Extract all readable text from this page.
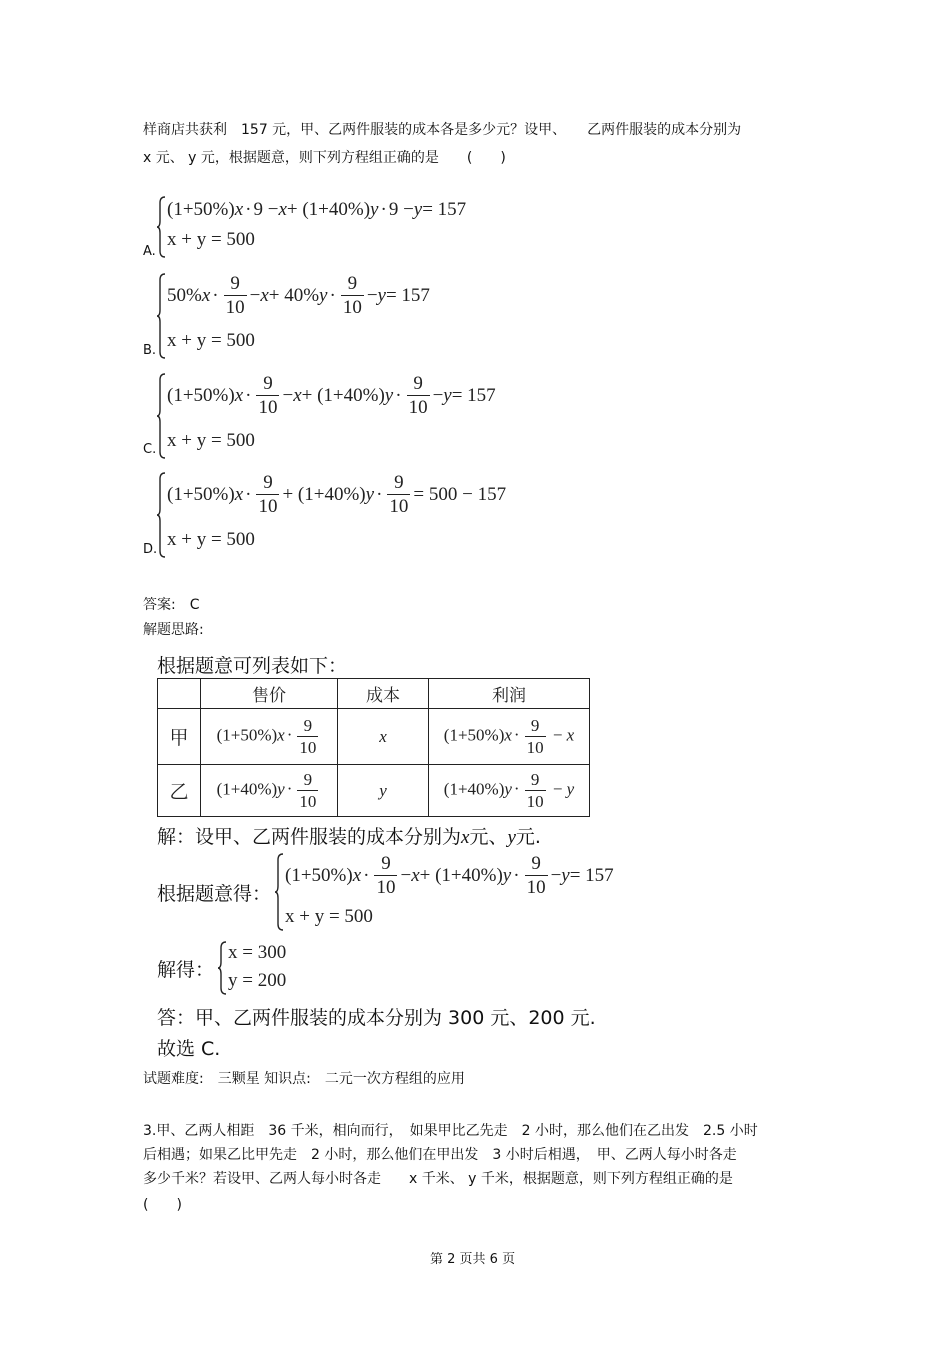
样商店共获利　157 元，甲、乙两件服装的成本各是多少元？设甲、　　乙两件服装的成本分别为
x 元、 y 元，根据题意，则下列方程组正确的是　　(　　)
A.
(1+50%) x · 9 − x + (1+40%) y · 9 − y = 157
x + y = 500
B.
50% $x \cdot \frac{9}{10} - x + 40\%$ $y \cdot \frac{9}{10} - y = 157$
x + y = 500
C.
(1+50%) $x \cdot \frac{9}{10} - x + (1+40\%) y \cdot \frac{9}{10} - y = 157$
x + y = 500
D.
(1+50%) $x \cdot \frac{9}{10} + (1+40\%) y \cdot \frac{9}{10} = 500 - 157$
x + y = 500
答案:　C
解题思路:
根据题意可列表如下：
	售价	成本	利润
甲	$(1+50\%)x \cdot \frac{9}{10}$	x	$(1+50\%)x \cdot \frac{9}{10} - x$
乙	$(1+40\%)y \cdot \frac{9}{10}$	y	$(1+40\%)y \cdot \frac{9}{10} - y$
解：设甲、乙两件服装的成本分别为x元、y元.
根据题意得：
(1+50%) $x \cdot \frac{9}{10} - x + (1+40\%) y \cdot \frac{9}{10} - y = 157$
x + y = 500
解得：
x = 300
y = 200
答：甲、乙两件服装的成本分别为 300 元、200 元.
故选 C.
试题难度:　三颗星 知识点:　二元一次方程组的应用
3.甲、乙两人相距　36 千米，相向而行，　如果甲比乙先走　2 小时，那么他们在乙出发　2.5 小时
后相遇；如果乙比甲先走　2 小时，那么他们在甲出发　3 小时后相遇，　甲、乙两人每小时各走
多少千米？若设甲、乙两人每小时各走　　x 千米、 y 千米，根据题意，则下列方程组正确的是
(　　)
第 2 页共 6 页
